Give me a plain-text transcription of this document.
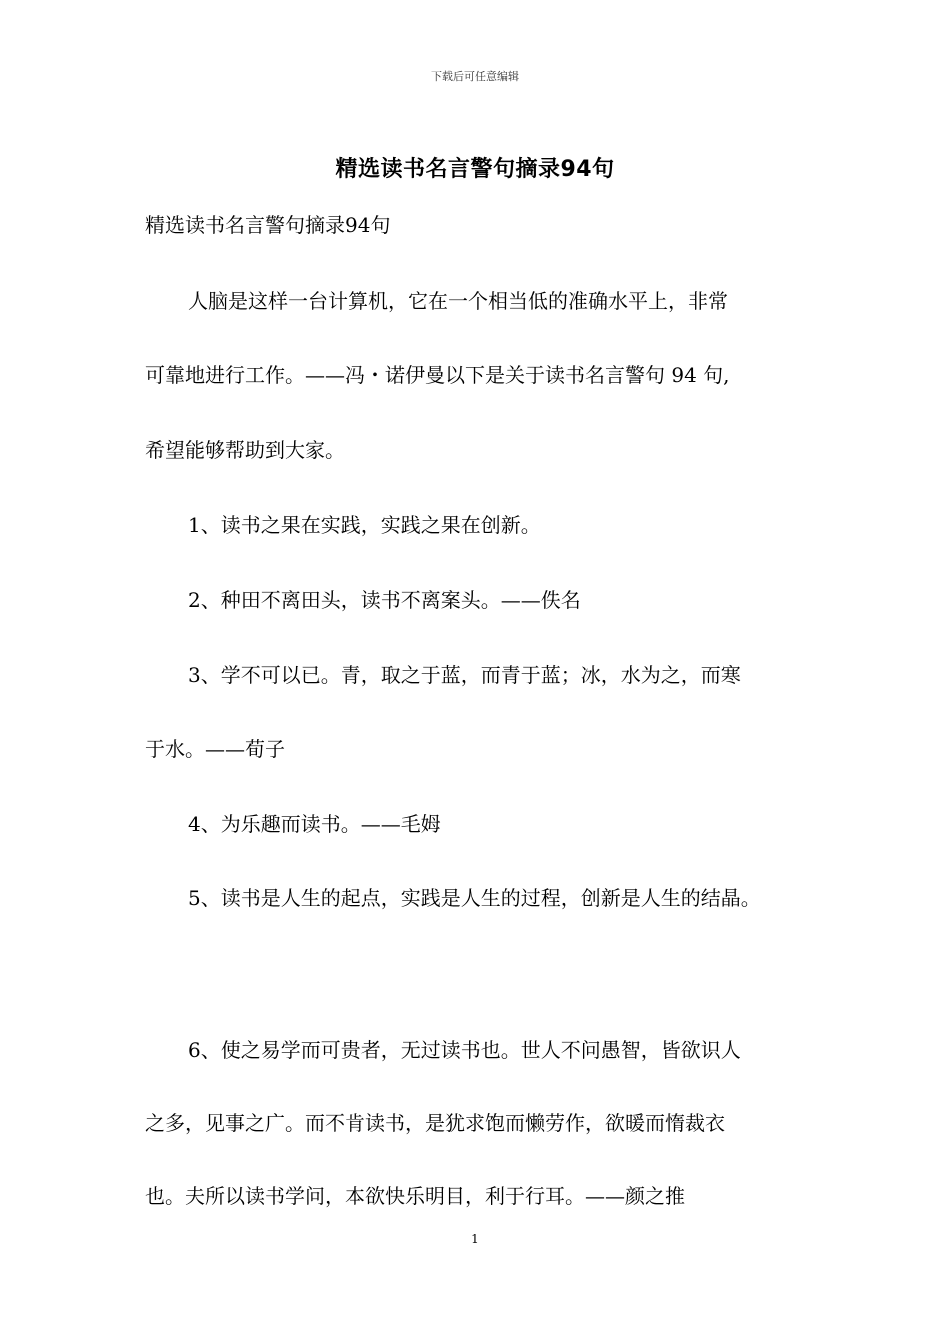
下载后可任意编辑
精选读书名言警句摘录94句
精选读书名言警句摘录94句
人脑是这样一台计算机，它在一个相当低的准确水平上，非常
可靠地进行工作。——冯・诺伊曼以下是关于读书名言警句 94 句,
希望能够帮助到大家。
1、读书之果在实践，实践之果在创新。
2、种田不离田头，读书不离案头。——佚名
3、学不可以已。青，取之于蓝，而青于蓝；冰，水为之，而寒
于水。——荀子
4、为乐趣而读书。——毛姆
5、读书是人生的起点，实践是人生的过程，创新是人生的结晶。
6、使之易学而可贵者，无过读书也。世人不问愚智，皆欲识人
之多，见事之广。而不肯读书，是犹求饱而懒劳作，欲暖而惰裁衣
也。夫所以读书学问，本欲快乐明目，利于行耳。——颜之推
1
